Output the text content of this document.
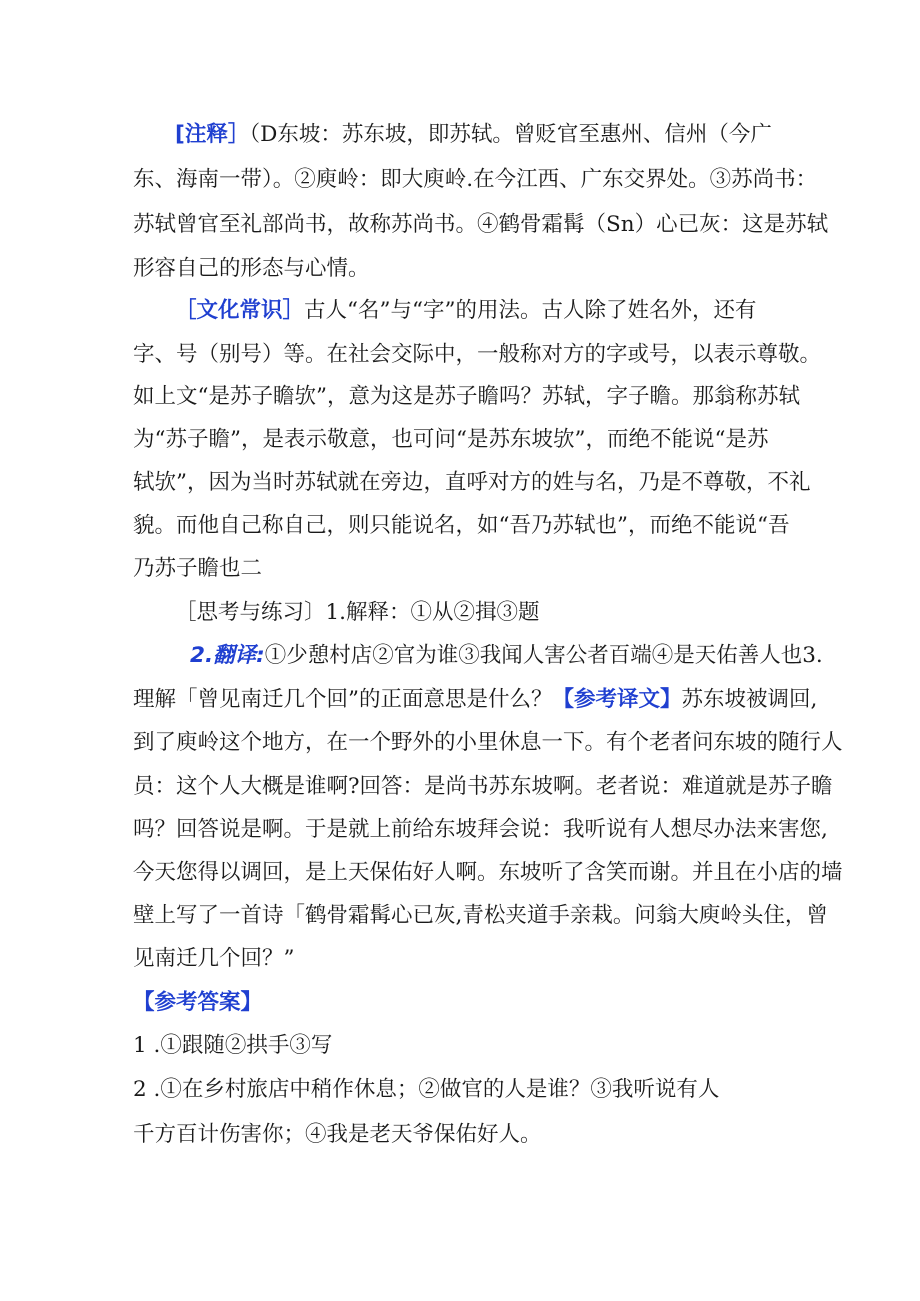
[注释］（D东坡：苏东坡，即苏轼。曾贬官至惠州、信州（今广
东、海南一带）。②庾岭：即大庾岭.在今江西、广东交界处。③苏尚书：
苏轼曾官至礼部尚书，故称苏尚书。④鹤骨霜髯（Sn）心已灰：这是苏轼
形容自己的形态与心情。
［文化常识］古人“名”与“字”的用法。古人除了姓名外，还有
字、号（别号）等。在社会交际中，一般称对方的字或号，以表示尊敬。
如上文“是苏子瞻欤”，意为这是苏子瞻吗？苏轼，字子瞻。那翁称苏轼
为“苏子瞻”，是表示敬意，也可问“是苏东坡欤”，而绝不能说“是苏
轼欤”，因为当时苏轼就在旁边，直呼对方的姓与名，乃是不尊敬，不礼
貌。而他自己称自己，则只能说名，如“吾乃苏轼也”，而绝不能说“吾
乃苏子瞻也二
［思考与练习〕1.解释：①从②揖③题
2.翻译:①少憩村店②官为谁③我闻人害公者百端④是天佑善人也3.
理解「曾见南迁几个回”的正面意思是什么？【参考译文】苏东坡被调回,
到了庾岭这个地方，在一个野外的小里休息一下。有个老者问东坡的随行人
员：这个人大概是谁啊?回答：是尚书苏东坡啊。老者说：难道就是苏子瞻
吗？回答说是啊。于是就上前给东坡拜会说：我听说有人想尽办法来害您,
今天您得以调回，是上天保佑好人啊。东坡听了含笑而谢。并且在小店的墙
壁上写了一首诗「鹤骨霜髯心已灰,青松夹道手亲栽。问翁大庾岭头住，曾
见南迁几个回？”
【参考答案】
1 .①跟随②拱手③写
2 .①在乡村旅店中稍作休息；②做官的人是谁？③我听说有人
千方百计伤害你；④我是老天爷保佑好人。
